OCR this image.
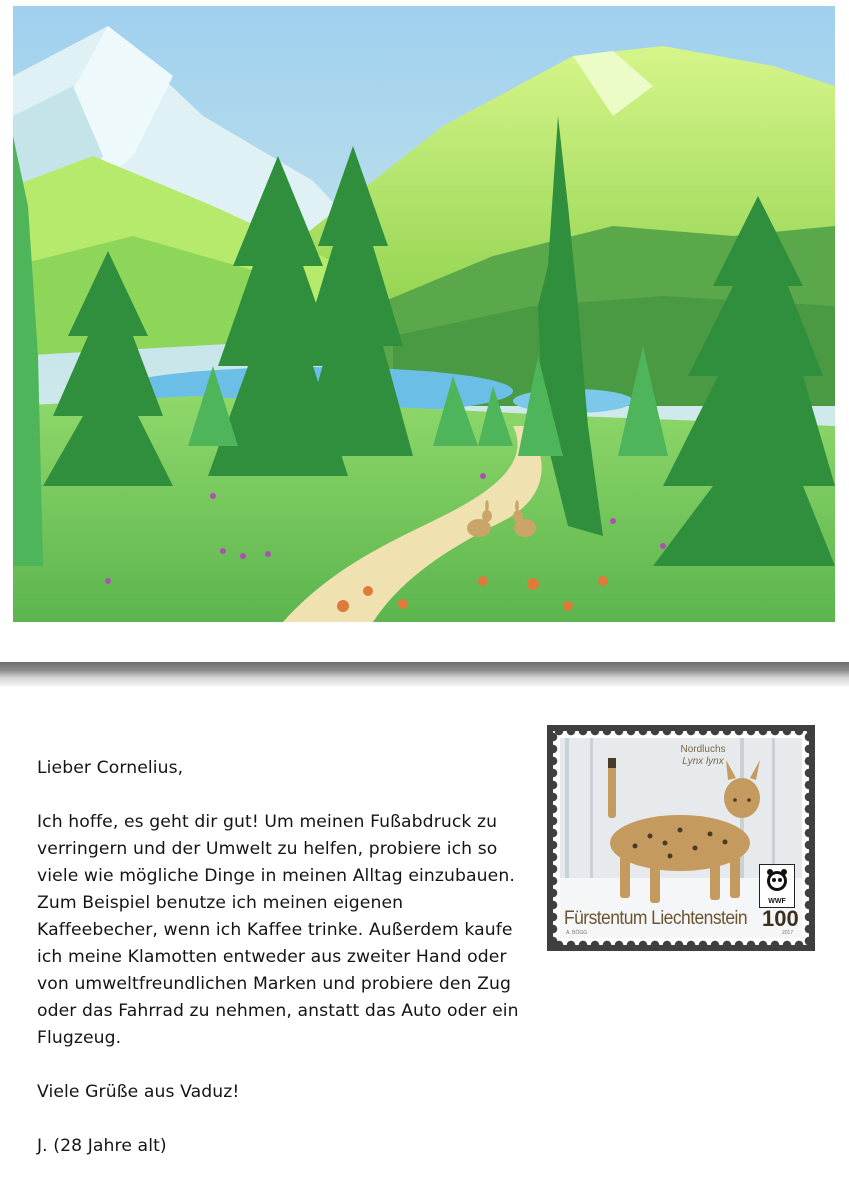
Lieber Cornelius,

Ich hoffe, es geht dir gut! Um meinen Fußabdruck zu verringern und der Umwelt zu helfen, probiere ich so viele wie mögliche Dinge in meinen Alltag einzubauen. Zum Beispiel benutze ich meinen eigenen Kaffeebecher, wenn ich Kaffee trinke. Außerdem kaufe ich meine Klamotten entweder aus zweiter Hand oder von umweltfreundlichen Marken und probiere den Zug oder das Fahrrad zu nehmen, anstatt das Auto oder ein Flugzeug.

Viele Grüße aus Vaduz!

J. (28 Jahre alt)

Nordluchs
Lynx lynx
WWF
Fürstentum Liechtenstein 100
A. BÖGG	2017
